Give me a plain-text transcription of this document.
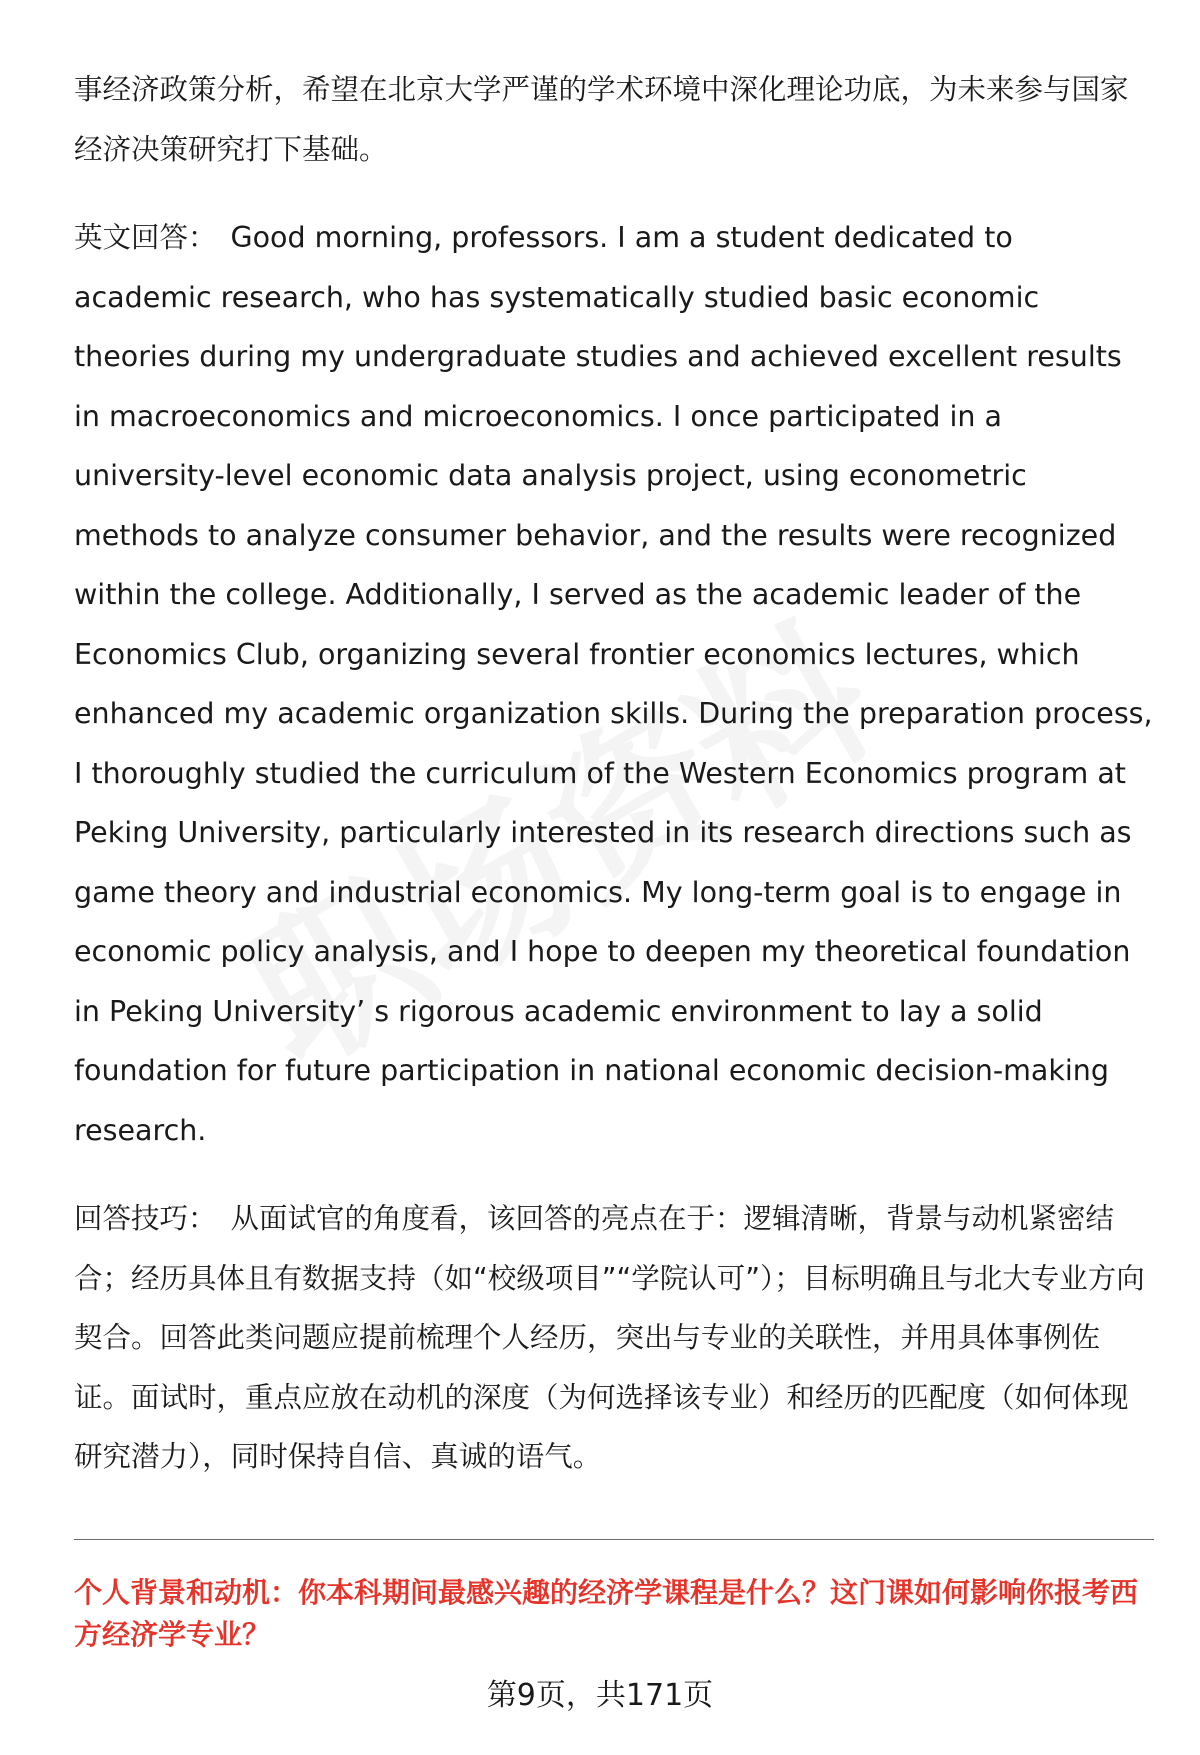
事经济政策分析，希望在北京大学严谨的学术环境中深化理论功底，为未来参与国家经济决策研究打下基础。

英文回答： Good morning, professors. I am a student dedicated to academic research, who has systematically studied basic economic theories during my undergraduate studies and achieved excellent results in macroeconomics and microeconomics. I once participated in a university-level economic data analysis project, using econometric methods to analyze consumer behavior, and the results were recognized within the college. Additionally, I served as the academic leader of the Economics Club, organizing several frontier economics lectures, which enhanced my academic organization skills. During the preparation process, I thoroughly studied the curriculum of the Western Economics program at Peking University, particularly interested in its research directions such as game theory and industrial economics. My long-term goal is to engage in economic policy analysis, and I hope to deepen my theoretical foundation in Peking University’ s rigorous academic environment to lay a solid foundation for future participation in national economic decision-making research.

回答技巧： 从面试官的角度看，该回答的亮点在于：逻辑清晰，背景与动机紧密结合；经历具体且有数据支持（如“校级项目”“学院认可”）；目标明确且与北大专业方向契合。回答此类问题应提前梳理个人经历，突出与专业的关联性，并用具体事例佐证。面试时，重点应放在动机的深度（为何选择该专业）和经历的匹配度（如何体现研究潜力），同时保持自信、真诚的语气。

个人背景和动机：你本科期间最感兴趣的经济学课程是什么？这门课如何影响你报考西方经济学专业？

第9页，共171页
